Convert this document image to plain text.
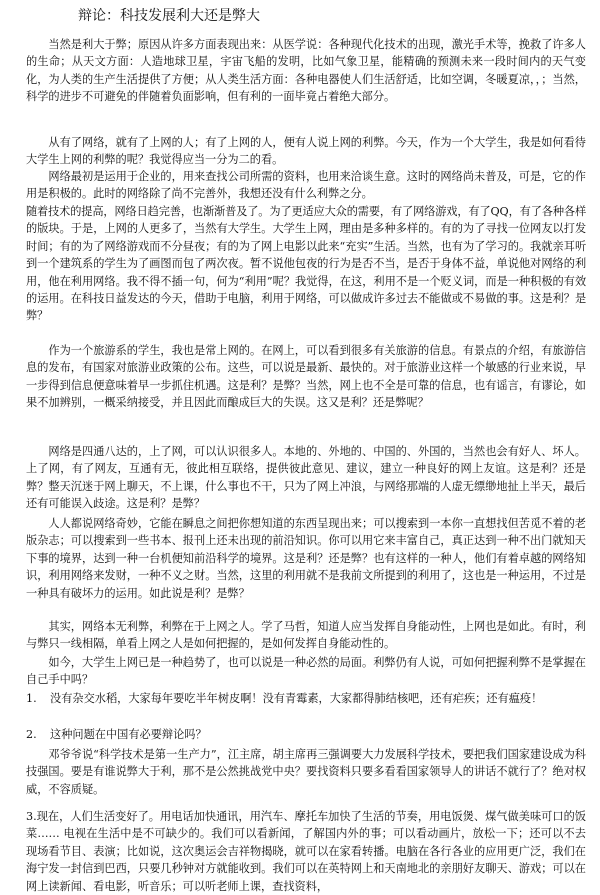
辩论：科技发展利大还是弊大

当然是利大于弊；原因从许多方面表现出来：从医学说：各种现代化技术的出现，激光手术等，挽救了许多人的生命；从天文方面：人造地球卫星，宇宙飞船的发明，比如气象卫星，能精确的预测未来一段时间内的天气变化，为人类的生产生活提供了方便；从人类生活方面：各种电器使人们生活舒适，比如空调，冬暖夏凉，，；当然，科学的进步不可避免的伴随着负面影响，但有利的一面毕竟占着绝大部分。

从有了网络，就有了上网的人；有了上网的人，便有人说上网的利弊。今天，作为一个大学生，我是如何看待大学生上网的利弊的呢？我觉得应当一分为二的看。

网络最初是运用于企业的，用来查找公司所需的资料，也用来洽谈生意。这时的网络尚未普及，可是，它的作用是积极的。此时的网络除了尚不完善外，我想还没有什么利弊之分。

随着技术的提高，网络日趋完善，也渐渐普及了。为了更适应大众的需要，有了网络游戏，有了QQ，有了各种各样的版块。于是，上网的人更多了，当然有大学生。大学生上网，理由是多种多样的。有的为了寻找一位网友以打发时间；有的为了网络游戏而不分昼夜；有的为了网上电影以此来“充实”生活。当然，也有为了学习的。我就亲耳听到一个建筑系的学生为了画图而包了两次夜。暂不说他包夜的行为是否不当，是否于身体不益，单说他对网络的利用，他在利用网络。我不得不插一句，何为“利用”呢？我觉得，在这，利用不是一个贬义词，而是一种积极的有效的运用。在科技日益发达的今天，借助于电脑，利用于网络，可以做成许多过去不能做或不易做的事。这是利？是弊？

作为一个旅游系的学生，我也是常上网的。在网上，可以看到很多有关旅游的信息。有景点的介绍，有旅游信息的发布，有国家对旅游业政策的公布。这些，可以说是最新、最快的。对于旅游业这样一个敏感的行业来说，早一步得到信息便意味着早一步抓住机遇。这是利？是弊？当然，网上也不全是可靠的信息，也有谣言，有谬论，如果不加辨别，一概采纳接受，并且因此而酿成巨大的失误。这又是利？还是弊呢？

网络是四通八达的，上了网，可以认识很多人。本地的、外地的、中国的、外国的，当然也会有好人、坏人。上了网，有了网友，互通有无，彼此相互联络，提供彼此意见、建议，建立一种良好的网上友谊。这是利？还是弊？整天沉迷于网上聊天，不上课，什么事也不干，只为了网上冲浪，与网络那端的人虚无缥缈地扯上半天，最后还有可能误入歧途。这是利？是弊？

人人都说网络奇妙，它能在瞬息之间把你想知道的东西呈现出来；可以搜索到一本你一直想找但苦觅不着的老版杂志；可以搜索到一些书本、报刊上还未出现的前沿知识。你可以用它来丰富自己，真正达到一种不出门就知天下事的境界，达到一种一台机便知前沿科学的境界。这是利？还是弊？也有这样的一种人，他们有着卓越的网络知识，利用网络来发财，一种不义之财。当然，这里的利用就不是我前文所提到的利用了，这也是一种运用，不过是一种具有破坏力的运用。如此说是利？是弊？

其实，网络本无利弊，利弊在于上网之人。学了马哲，知道人应当发挥自身能动性，上网也是如此。有时，利与弊只一线相隔，单看上网之人是如何把握的，是如何发挥自身能动性的。

如今，大学生上网已是一种趋势了，也可以说是一种必然的局面。利弊仍有人说，可如何把握利弊不是掌握在自己手中吗？

1. 没有杂交水稻，大家每年要吃半年树皮啊！没有青霉素，大家都得肺结核吧，还有疟疾；还有瘟疫！

2. 这种问题在中国有必要辩论吗？

邓爷爷说“科学技术是第一生产力”，江主席，胡主席再三强调要大力发展科学技术，要把我们国家建设成为科技强国。要是有谁说弊大于利，那不是公然挑战党中央？要找资料只要多看看国家领导人的讲话不就行了？绝对权威，不容质疑。

3.现在，人们生活变好了。用电话加快通讯，用汽车、摩托车加快了生活的节奏，用电饭煲、煤气做美味可口的饭菜…… 电视在生活中是不可缺少的。我们可以看新闻，了解国内外的事；可以看动画片，放松一下；还可以不去现场看节目、表演；比如说，这次奥运会吉祥物揭晓，就可以在家看转播。电脑在各行各业的应用更广泛，我们在海宁发一封信到巴西，只要几秒钟对方就能收到。我们可以在英特网上和天南地北的亲朋好友聊天、游戏；可以在网上读新闻、看电影，听音乐；可以听老师上课，查找资料，
